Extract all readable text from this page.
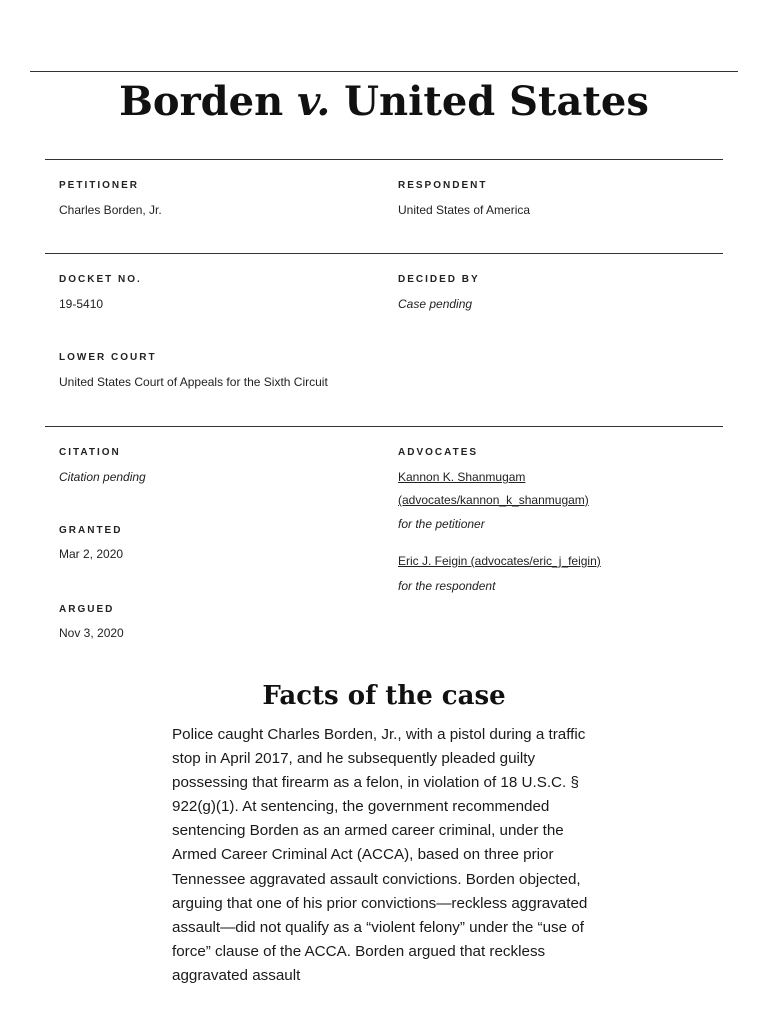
Borden v. United States
PETITIONER
Charles Borden, Jr.
RESPONDENT
United States of America
DOCKET NO.
19-5410
DECIDED BY
Case pending
LOWER COURT
United States Court of Appeals for the Sixth Circuit
CITATION
Citation pending
GRANTED
Mar 2, 2020
ARGUED
Nov 3, 2020
ADVOCATES
Kannon K. Shanmugam
(advocates/kannon_k_shanmugam)
for the petitioner
Eric J. Feigin (advocates/eric_j_feigin)
for the respondent
Facts of the case

Police caught Charles Borden, Jr., with a pistol during a traffic stop in April 2017, and he subsequently pleaded guilty possessing that firearm as a felon, in violation of 18 U.S.C. § 922(g)(1). At sentencing, the government recommended sentencing Borden as an armed career criminal, under the Armed Career Criminal Act (ACCA), based on three prior Tennessee aggravated assault convictions. Borden objected, arguing that one of his prior convictions—reckless aggravated assault—did not qualify as a “violent felony” under the “use of force” clause of the ACCA. Borden argued that reckless aggravated assault
